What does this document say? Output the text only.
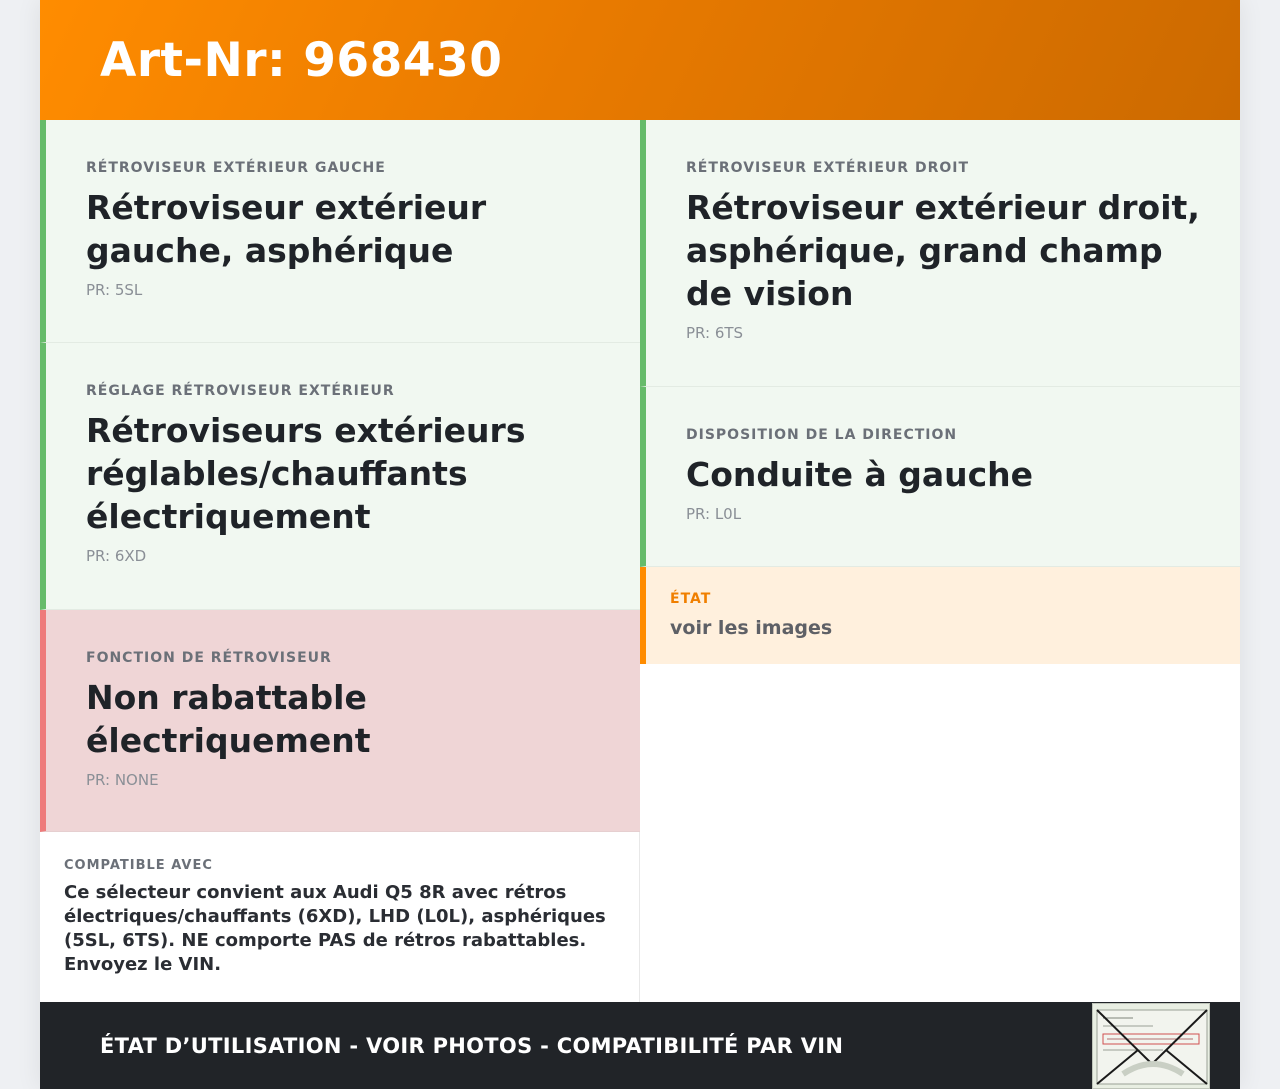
Art-Nr: 968430
RÉTROVISEUR EXTÉRIEUR GAUCHE
Rétroviseur extérieur gauche, asphérique
PR: 5SL
RÉGLAGE RÉTROVISEUR EXTÉRIEUR
Rétroviseurs extérieurs réglables/chauffants électriquement
PR: 6XD
FONCTION DE RÉTROVISEUR
Non rabattable électriquement
PR: NONE
RÉTROVISEUR EXTÉRIEUR DROIT
Rétroviseur extérieur droit, asphérique, grand champ de vision
PR: 6TS
DISPOSITION DE LA DIRECTION
Conduite à gauche
PR: L0L
ÉTAT
voir les images
COMPATIBLE AVEC
Ce sélecteur convient aux Audi Q5 8R avec rétros électriques/chauffants (6XD), LHD (L0L), asphériques (5SL, 6TS). NE comporte PAS de rétros rabattables. Envoyez le VIN.
ÉTAT D’UTILISATION - VOIR PHOTOS - COMPATIBILITÉ PAR VIN
